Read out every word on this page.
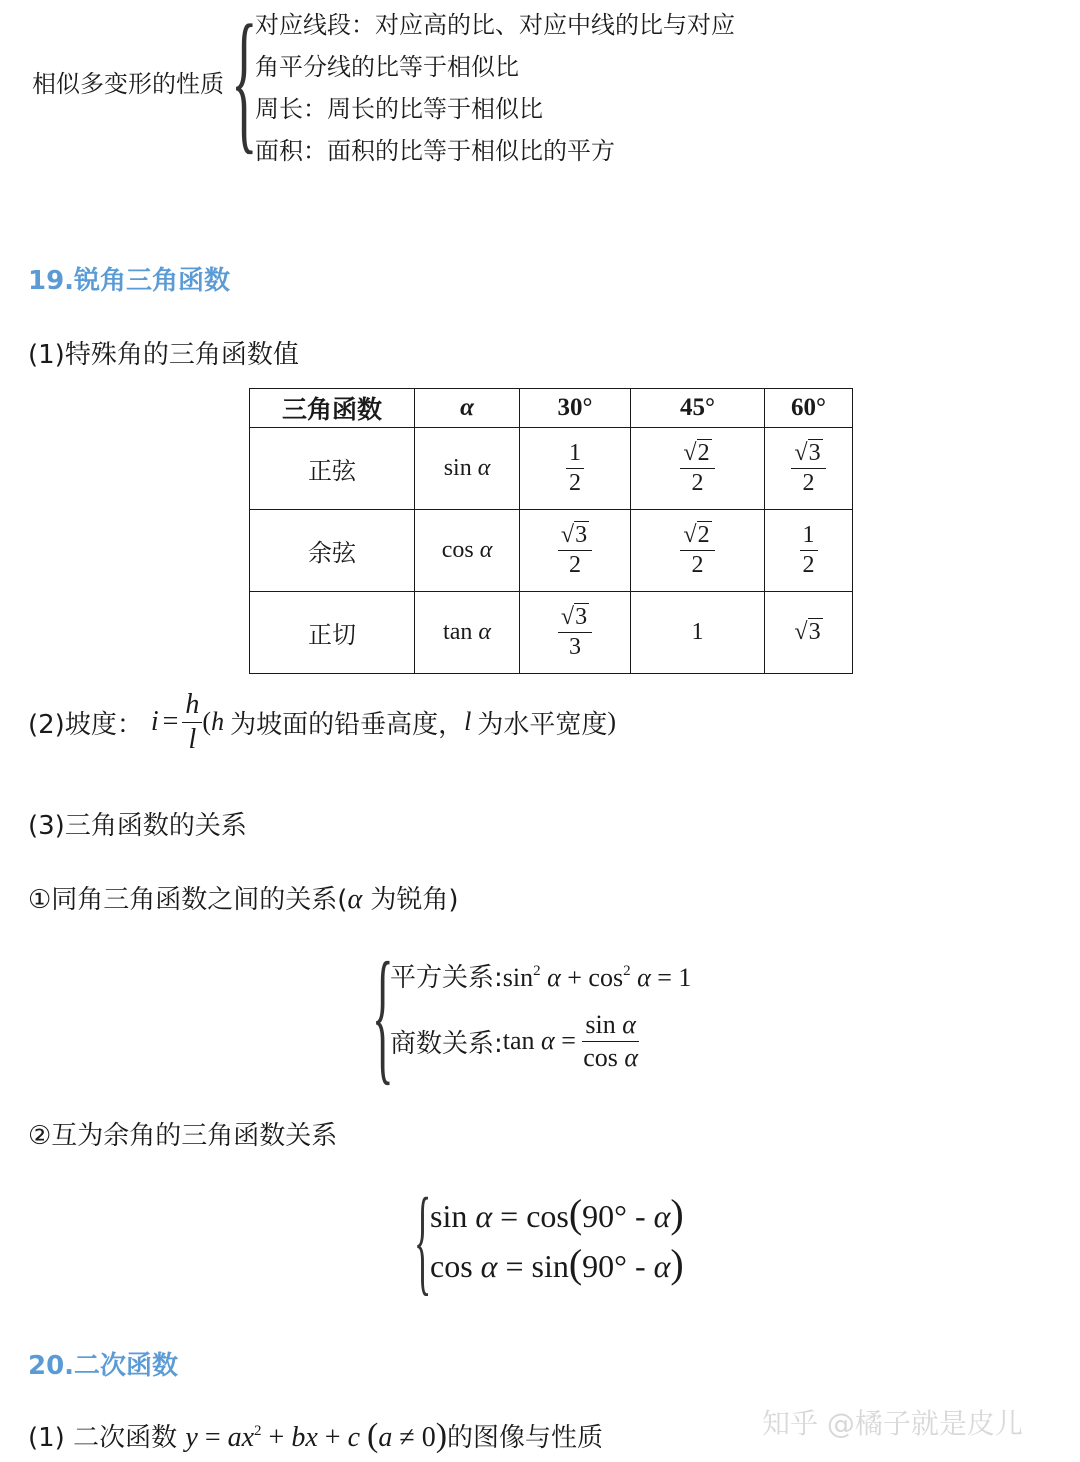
相似多变形的性质 {
对应线段：对应高的比、对应中线的比与对应
角平分线的比等于相似比
周长：周长的比等于相似比
面积：面积的比等于相似比的平方
19.锐角三角函数
(1)特殊角的三角函数值
三角函数	α	30°	45°	60°
正弦	sin α	$\frac{1}{2}$	$\frac{√2}{2}$	$\frac{√3}{2}$

余弦	cos α	$\frac{√3}{2}$	$\frac{√2}{2}$	$\frac{1}{2}$

正切	tan α	$\frac{√3}{3}$	1	√3
(2)坡度： $i = \frac{h}{l}$ ( h 为坡面的铅垂高度， l 为水平宽度 )
(3)三角函数的关系
①同角三角函数之间的关系(α 为锐角)
{
平方关系$:\sin^2$ $\alpha + \cos^2 \alpha = 1$
商数关系: $\tan \alpha = \frac{\text{sin α}}{\text{cos α}}$
②互为余角的三角函数关系
{
sin α = cos(90° - α)
cos α = sin(90° - α)
20.二次函数
(1) 二次函数 $y = ax^2$ + bx + c (a ≠ 0)的图像与性质	知乎 @橘子就是皮儿
